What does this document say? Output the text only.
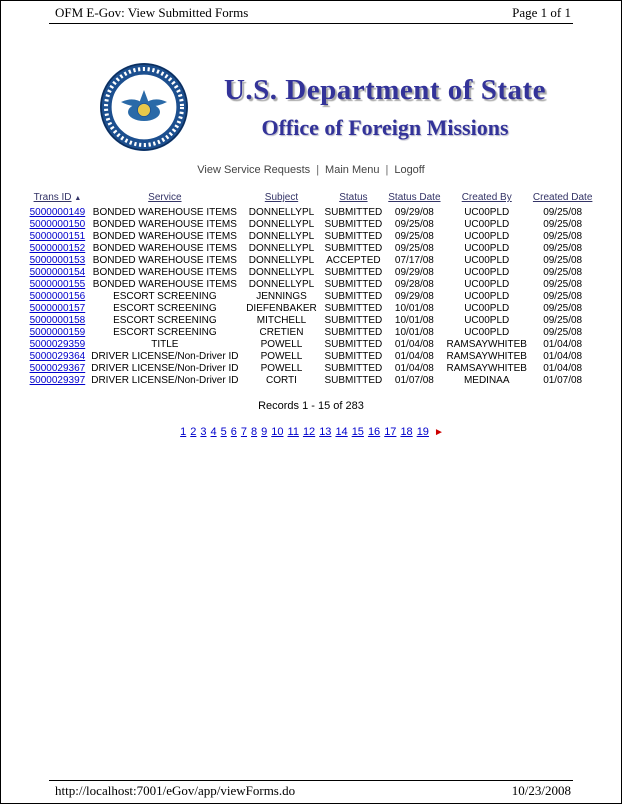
OFM E-Gov: View Submitted Forms	Page 1 of 1
U.S. Department of State
Office of Foreign Missions
View Service Requests | Main Menu | Logoff
Trans ID ▲	Service	Subject	Status	Status Date	Created By	Created Date
5000000149	BONDED WAREHOUSE ITEMS	DONNELLYPL	SUBMITTED	09/29/08	UC00PLD	09/25/08
5000000150	BONDED WAREHOUSE ITEMS	DONNELLYPL	SUBMITTED	09/25/08	UC00PLD	09/25/08
5000000151	BONDED WAREHOUSE ITEMS	DONNELLYPL	SUBMITTED	09/25/08	UC00PLD	09/25/08
5000000152	BONDED WAREHOUSE ITEMS	DONNELLYPL	SUBMITTED	09/25/08	UC00PLD	09/25/08
5000000153	BONDED WAREHOUSE ITEMS	DONNELLYPL	ACCEPTED	07/17/08	UC00PLD	09/25/08
5000000154	BONDED WAREHOUSE ITEMS	DONNELLYPL	SUBMITTED	09/29/08	UC00PLD	09/25/08
5000000155	BONDED WAREHOUSE ITEMS	DONNELLYPL	SUBMITTED	09/28/08	UC00PLD	09/25/08
5000000156	ESCORT SCREENING	JENNINGS	SUBMITTED	09/29/08	UC00PLD	09/25/08
5000000157	ESCORT SCREENING	DIEFENBAKER	SUBMITTED	10/01/08	UC00PLD	09/25/08
5000000158	ESCORT SCREENING	MITCHELL	SUBMITTED	10/01/08	UC00PLD	09/25/08
5000000159	ESCORT SCREENING	CRETIEN	SUBMITTED	10/01/08	UC00PLD	09/25/08
5000029359	TITLE	POWELL	SUBMITTED	01/04/08	RAMSAYWHITEB	01/04/08
5000029364	DRIVER LICENSE/Non-Driver ID	POWELL	SUBMITTED	01/04/08	RAMSAYWHITEB	01/04/08
5000029367	DRIVER LICENSE/Non-Driver ID	POWELL	SUBMITTED	01/04/08	RAMSAYWHITEB	01/04/08
5000029397	DRIVER LICENSE/Non-Driver ID	CORTI	SUBMITTED	01/07/08	MEDINAA	01/07/08
Records 1 - 15 of 283
1 2 3 4 5 6 7 8 9 10 11 12 13 14 15 16 17 18 19 ►
http://localhost:7001/eGov/app/viewForms.do	10/23/2008
